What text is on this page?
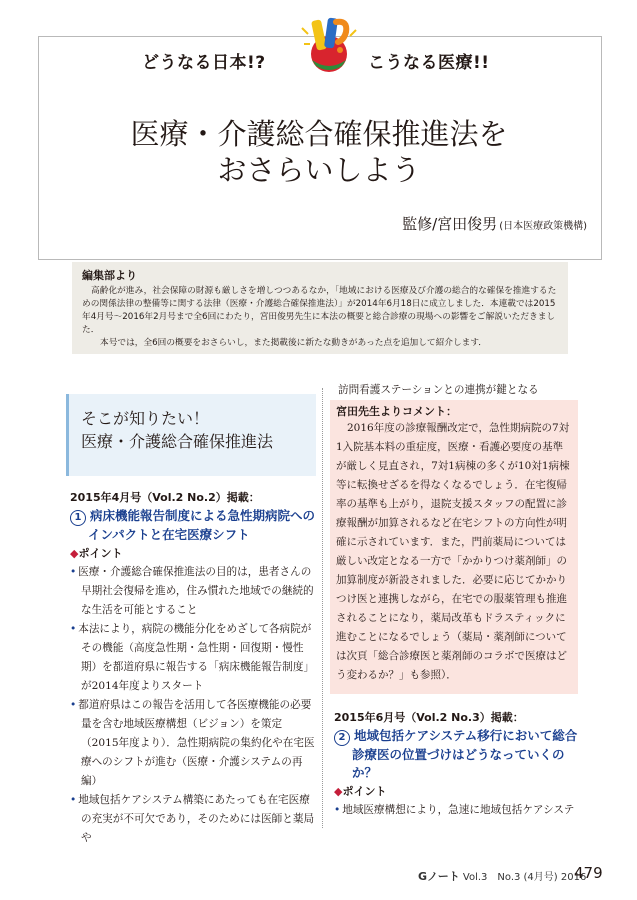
どうなる日本!?	こうなる医療!!
医療・介護総合確保推進法を
おさらいしよう
監修/宮田俊男 (日本医療政策機構)
編集部より
高齢化が進み，社会保障の財源も厳しさを増しつつあるなか，「地域における医療及び介護の総合的な確保を推進するための関係法律の整備等に関する法律（医療・介護総合確保推進法）」が2014年6月18日に成立しました．本連載では2015年4月号～2016年2月号まで全6回にわたり，宮田俊男先生に本法の概要と総合診療の現場への影響をご解説いただきました．
本号では，全6回の概要をおさらいし，また掲載後に新たな動きがあった点を追加して紹介します．
そこが知りたい！
医療・介護総合確保推進法
2015年4月号（Vol.2 No.2）掲載：
1 病床機能報告制度による急性期病院へのインパクトと在宅医療シフト
◆ポイント
• 医療・介護総合確保推進法の目的は，患者さんの早期社会復帰を進め，住み慣れた地域での継続的な生活を可能とすること
• 本法により，病院の機能分化をめざして各病院がその機能（高度急性期・急性期・回復期・慢性期）を都道府県に報告する「病床機能報告制度」が2014年度よりスタート
• 都道府県はこの報告を活用して各医療機能の必要量を含む地域医療構想（ビジョン）を策定（2015年度より）．急性期病院の集約化や在宅医療へのシフトが進む（医療・介護システムの再編）
• 地域包括ケアシステム構築にあたっても在宅医療の充実が不可欠であり，そのためには医師と薬局や
訪問看護ステーションとの連携が鍵となる
宮田先生よりコメント：
2016年度の診療報酬改定で，急性期病院の7対1入院基本料の重症度，医療・看護必要度の基準が厳しく見直され，7対1病棟の多くが10対1病棟等に転換せざるを得なくなるでしょう．在宅復帰率の基準も上がり，退院支援スタッフの配置に診療報酬が加算されるなど在宅シフトの方向性が明確に示されています．また，門前薬局については厳しい改定となる一方で「かかりつけ薬剤師」の加算制度が新設されました．必要に応じてかかりつけ医と連携しながら，在宅での服薬管理も推進されることになり，薬局改革もドラスティックに進むことになるでしょう（薬局・薬剤師については次頁「総合診療医と薬剤師のコラボで医療はどう変わるか？」も参照）．
2015年6月号（Vol.2 No.3）掲載：
2 地域包括ケアシステム移行において総合診療医の位置づけはどうなっていくのか？
◆ポイント
• 地域医療構想により，急速に地域包括ケアシステ
Gノート Vol.3　No.3 (4月号) 2016
479
